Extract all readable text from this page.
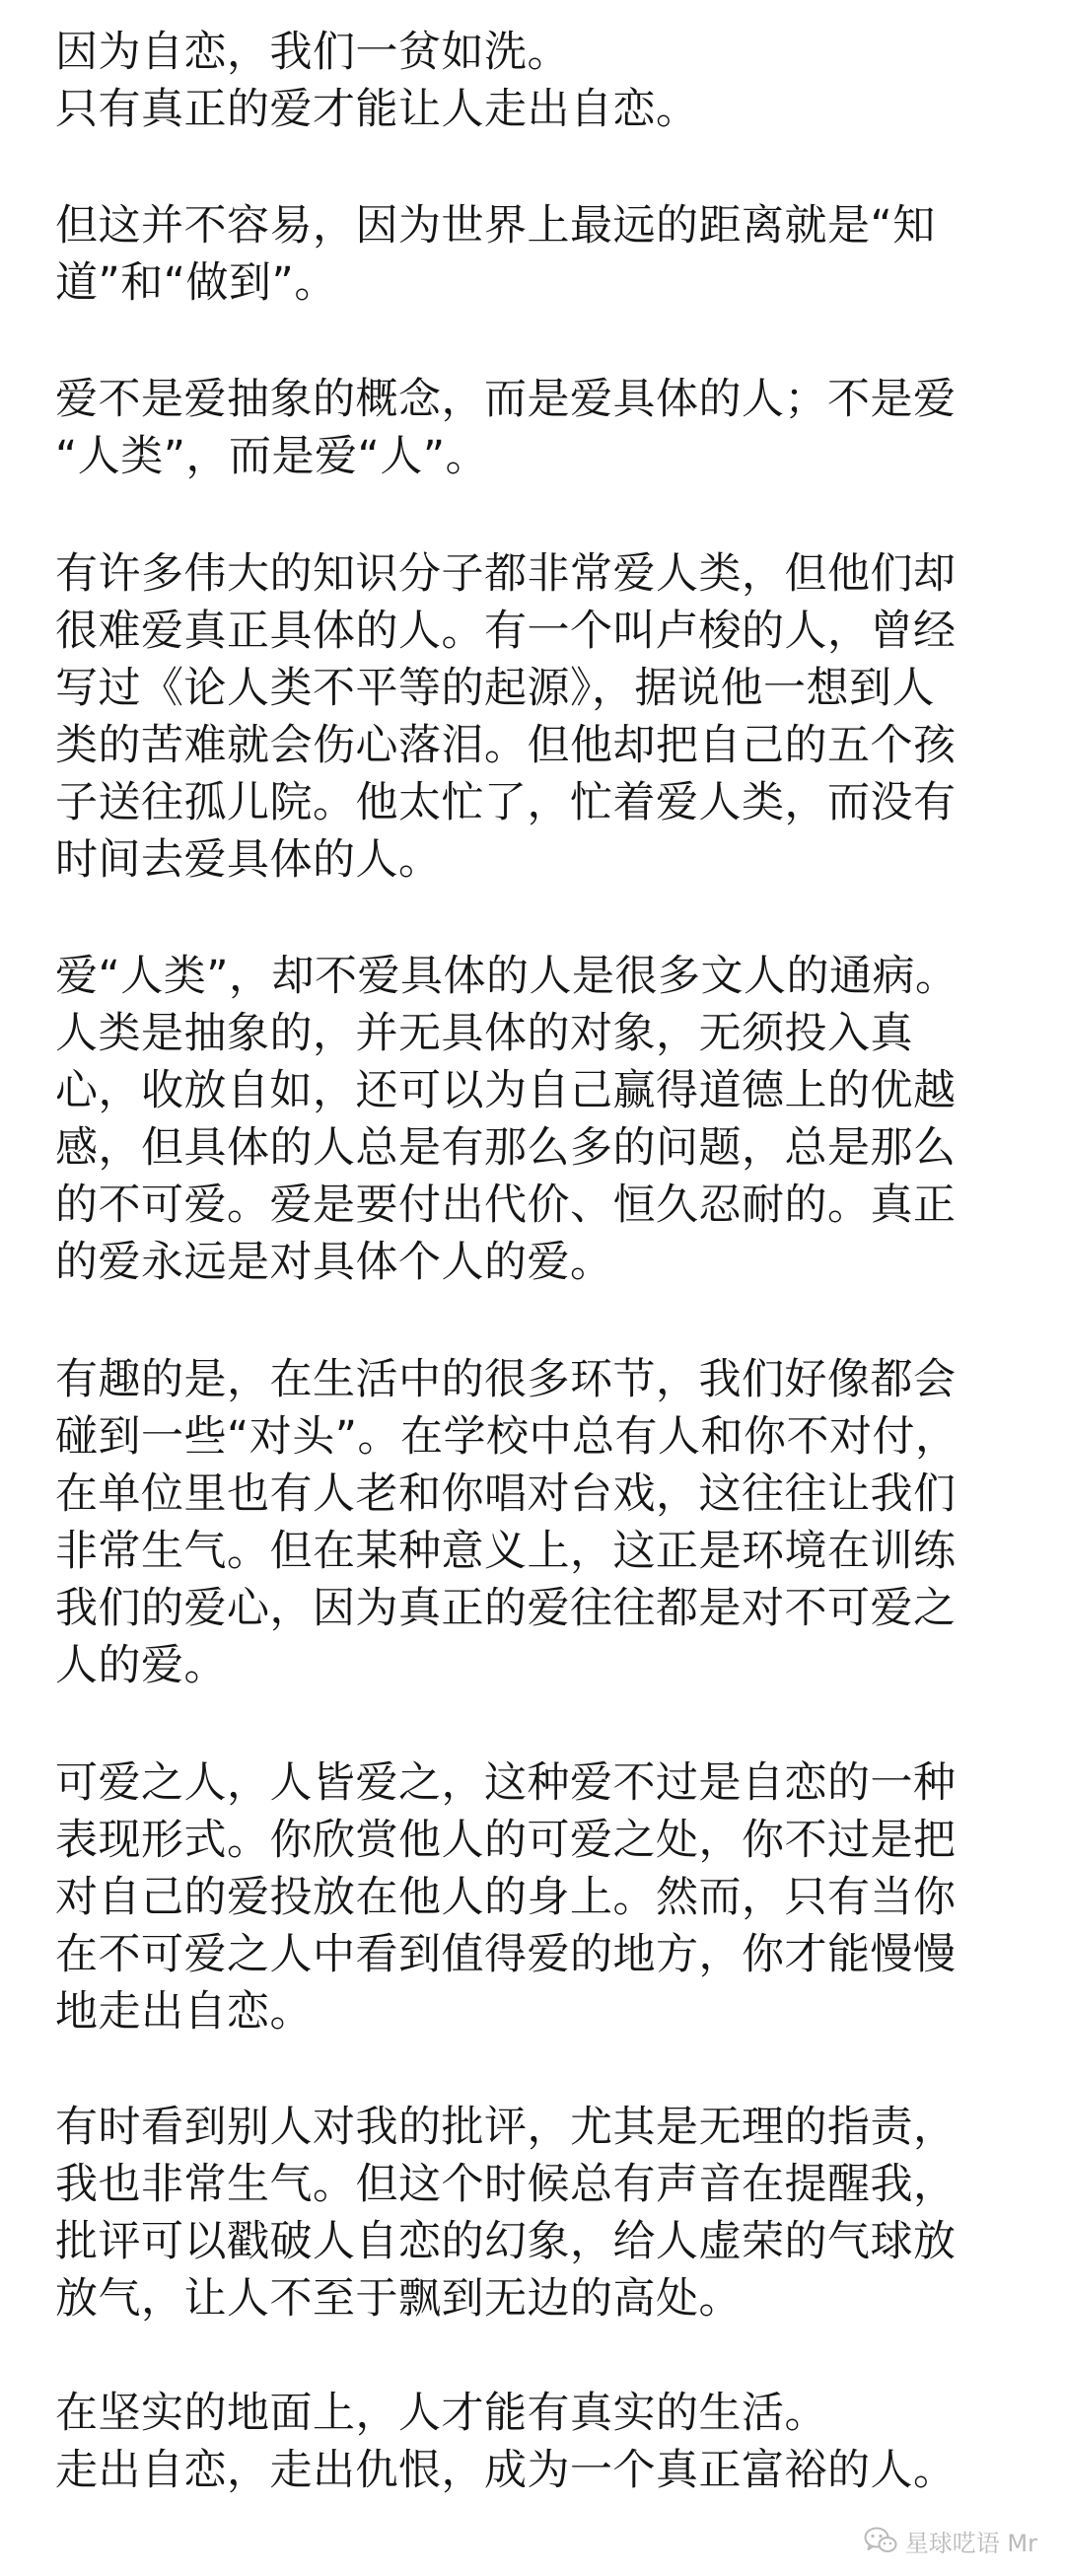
因为自恋，我们一贫如洗。
只有真正的爱才能让人走出自恋。

但这并不容易，因为世界上最远的距离就是“知
道”和“做到”。

爱不是爱抽象的概念，而是爱具体的人；不是爱
“人类”，而是爱“人”。

有许多伟大的知识分子都非常爱人类，但他们却
很难爱真正具体的人。有一个叫卢梭的人，曾经
写过《论人类不平等的起源》，据说他一想到人
类的苦难就会伤心落泪。但他却把自己的五个孩
子送往孤儿院。他太忙了，忙着爱人类，而没有
时间去爱具体的人。

爱“人类”，却不爱具体的人是很多文人的通病。
人类是抽象的，并无具体的对象，无须投入真
心，收放自如，还可以为自己赢得道德上的优越
感，但具体的人总是有那么多的问题，总是那么
的不可爱。爱是要付出代价、恒久忍耐的。真正
的爱永远是对具体个人的爱。

有趣的是，在生活中的很多环节，我们好像都会
碰到一些“对头”。在学校中总有人和你不对付，
在单位里也有人老和你唱对台戏，这往往让我们
非常生气。但在某种意义上，这正是环境在训练
我们的爱心，因为真正的爱往往都是对不可爱之
人的爱。

可爱之人，人皆爱之，这种爱不过是自恋的一种
表现形式。你欣赏他人的可爱之处，你不过是把
对自己的爱投放在他人的身上。然而，只有当你
在不可爱之人中看到值得爱的地方，你才能慢慢
地走出自恋。

有时看到别人对我的批评，尤其是无理的指责，
我也非常生气。但这个时候总有声音在提醒我，
批评可以戳破人自恋的幻象，给人虚荣的气球放
放气，让人不至于飘到无边的高处。

在坚实的地面上，人才能有真实的生活。
走出自恋，走出仇恨，成为一个真正富裕的人。

星球呓语 Mr
